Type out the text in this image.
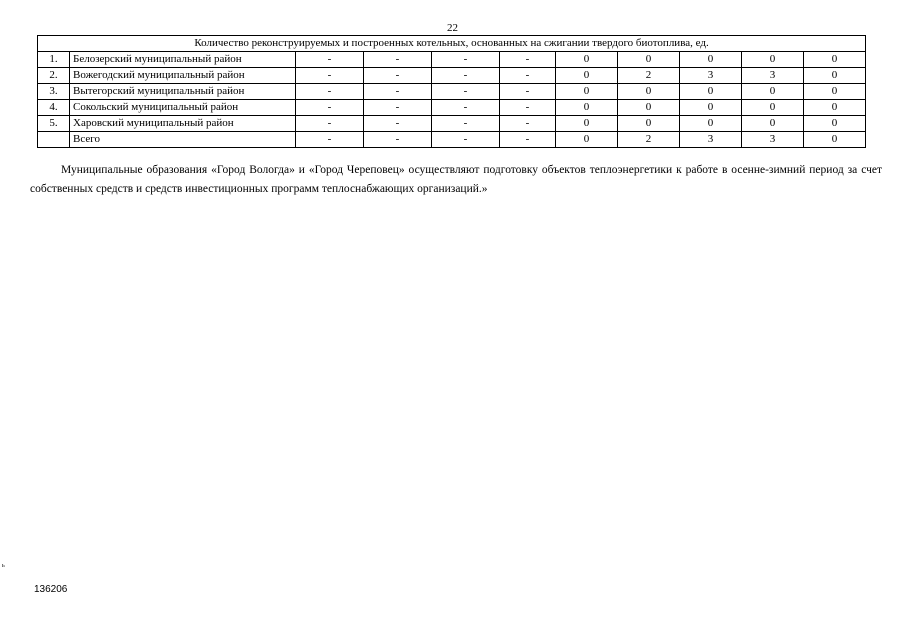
22
Количество реконструируемых и построенных котельных, основанных на сжигании твердого биотоплива, ед.										
1.	Белозерский муниципальный район	-	-	-	-	0	0	0	0	0
2.	Вожегодский муниципальный район	-	-	-	-	0	2	3	3	0
3.	Вытегорский муниципальный район	-	-	-	-	0	0	0	0	0
4.	Сокольский муниципальный район	-	-	-	-	0	0	0	0	0
5.	Харовский муниципальный район	-	-	-	-	0	0	0	0	0
	Всего	-	-	-	-	0	2	3	3	0
Муниципальные образования «Город Вологда» и «Город Череповец» осуществляют подготовку объектов теплоэнергетики к работе в осенне-зимний период за счет собственных средств и средств инвестиционных программ теплоснабжающих организаций.»
ь
136206
